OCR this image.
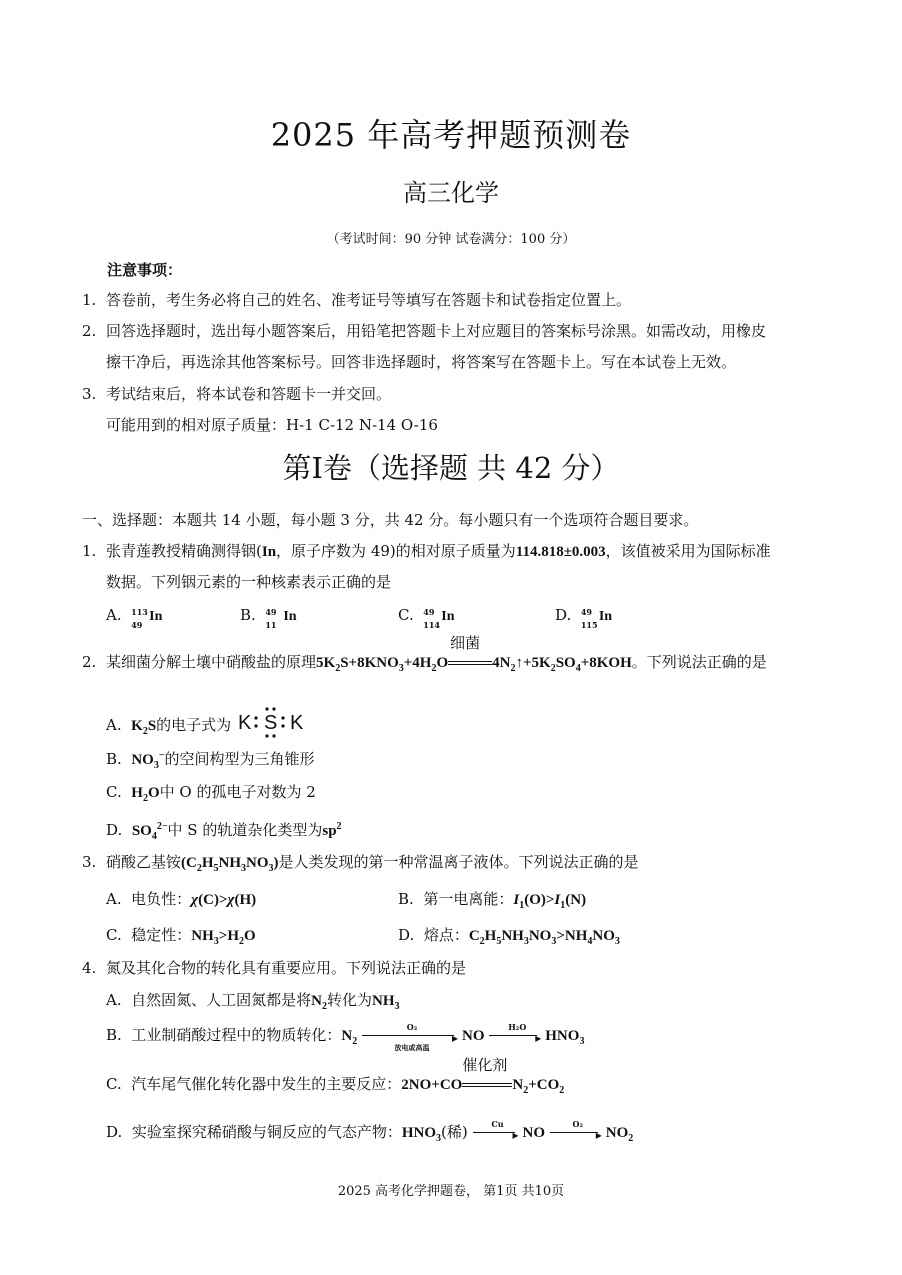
2025 年高考押题预测卷
高三化学
（考试时间：90 分钟 试卷满分：100 分）
注意事项：
1. 答卷前，考生务必将自己的姓名、准考证号等填写在答题卡和试卷指定位置上。
2. 回答选择题时，选出每小题答案后，用铅笔把答题卡上对应题目的答案标号涂黑。如需改动，用橡皮
擦干净后，再选涂其他答案标号。回答非选择题时，将答案写在答题卡上。写在本试卷上无效。
3. 考试结束后，将本试卷和答题卡一并交回。
可能用到的相对原子质量：H-1 C-12 N-14 O-16
第Ⅰ卷（选择题 共 42 分）
一、选择题：本题共 14 小题，每小题 3 分，共 42 分。每小题只有一个选项符合题目要求。
1. 张青莲教授精确测得铟(In，原子序数为 49)的相对原子质量为114.818±0.003，该值被采用为国际标准
数据。下列铟元素的一种核素表示正确的是
A. 113
49
In	B. 49
11
In	C. 49
114
In	D. 49
115
In
2. 某细菌分解土壤中硝酸盐的原理$5K_2S+8KNO_3+4H_2O$
细菌
$4N_2↑+5K_2SO_4+8KOH$。下列说法正确的是
A. $K_2S$的电子式为 K S K
B. $NO_3^-$的空间构型为三角锥形
C. $H_2O$中 O 的孤电子对数为 2
D. $SO_4^{2-}$中 S 的轨道杂化类型为$sp^2$
3. 硝酸乙基铵$(C_2H_5NH_3NO_3)$是人类发现的第一种常温离子液体。下列说法正确的是
A. 电负性：χ(C)>χ(H)	B. 第一电离能：$I_1(O)>I_1(N)$
C. 稳定性：$NH_3>H_2O$	D. 熔点：$C_2H_5NH_3NO_3>NH_4NO_3$
4. 氮及其化合物的转化具有重要应用。下列说法正确的是
A. 自然固氮、人工固氮都是将$N_2$转化为$NH_3$
B. 工业制硝酸过程中的物质转化：$N_2$
O₂
▸
放电或高温
NO
H₂O
▸ $HNO_3$
C. 汽车尾气催化转化器中发生的主要反应：2NO+CO
催化剂
$N_2+CO_2$
D. 实验室探究稀硝酸与铜反应的气态产物：$HNO_3$(稀)	Cu
▸ NO
O₂
▸ $NO_2$
2025 高考化学押题卷， 第1页 共10页
